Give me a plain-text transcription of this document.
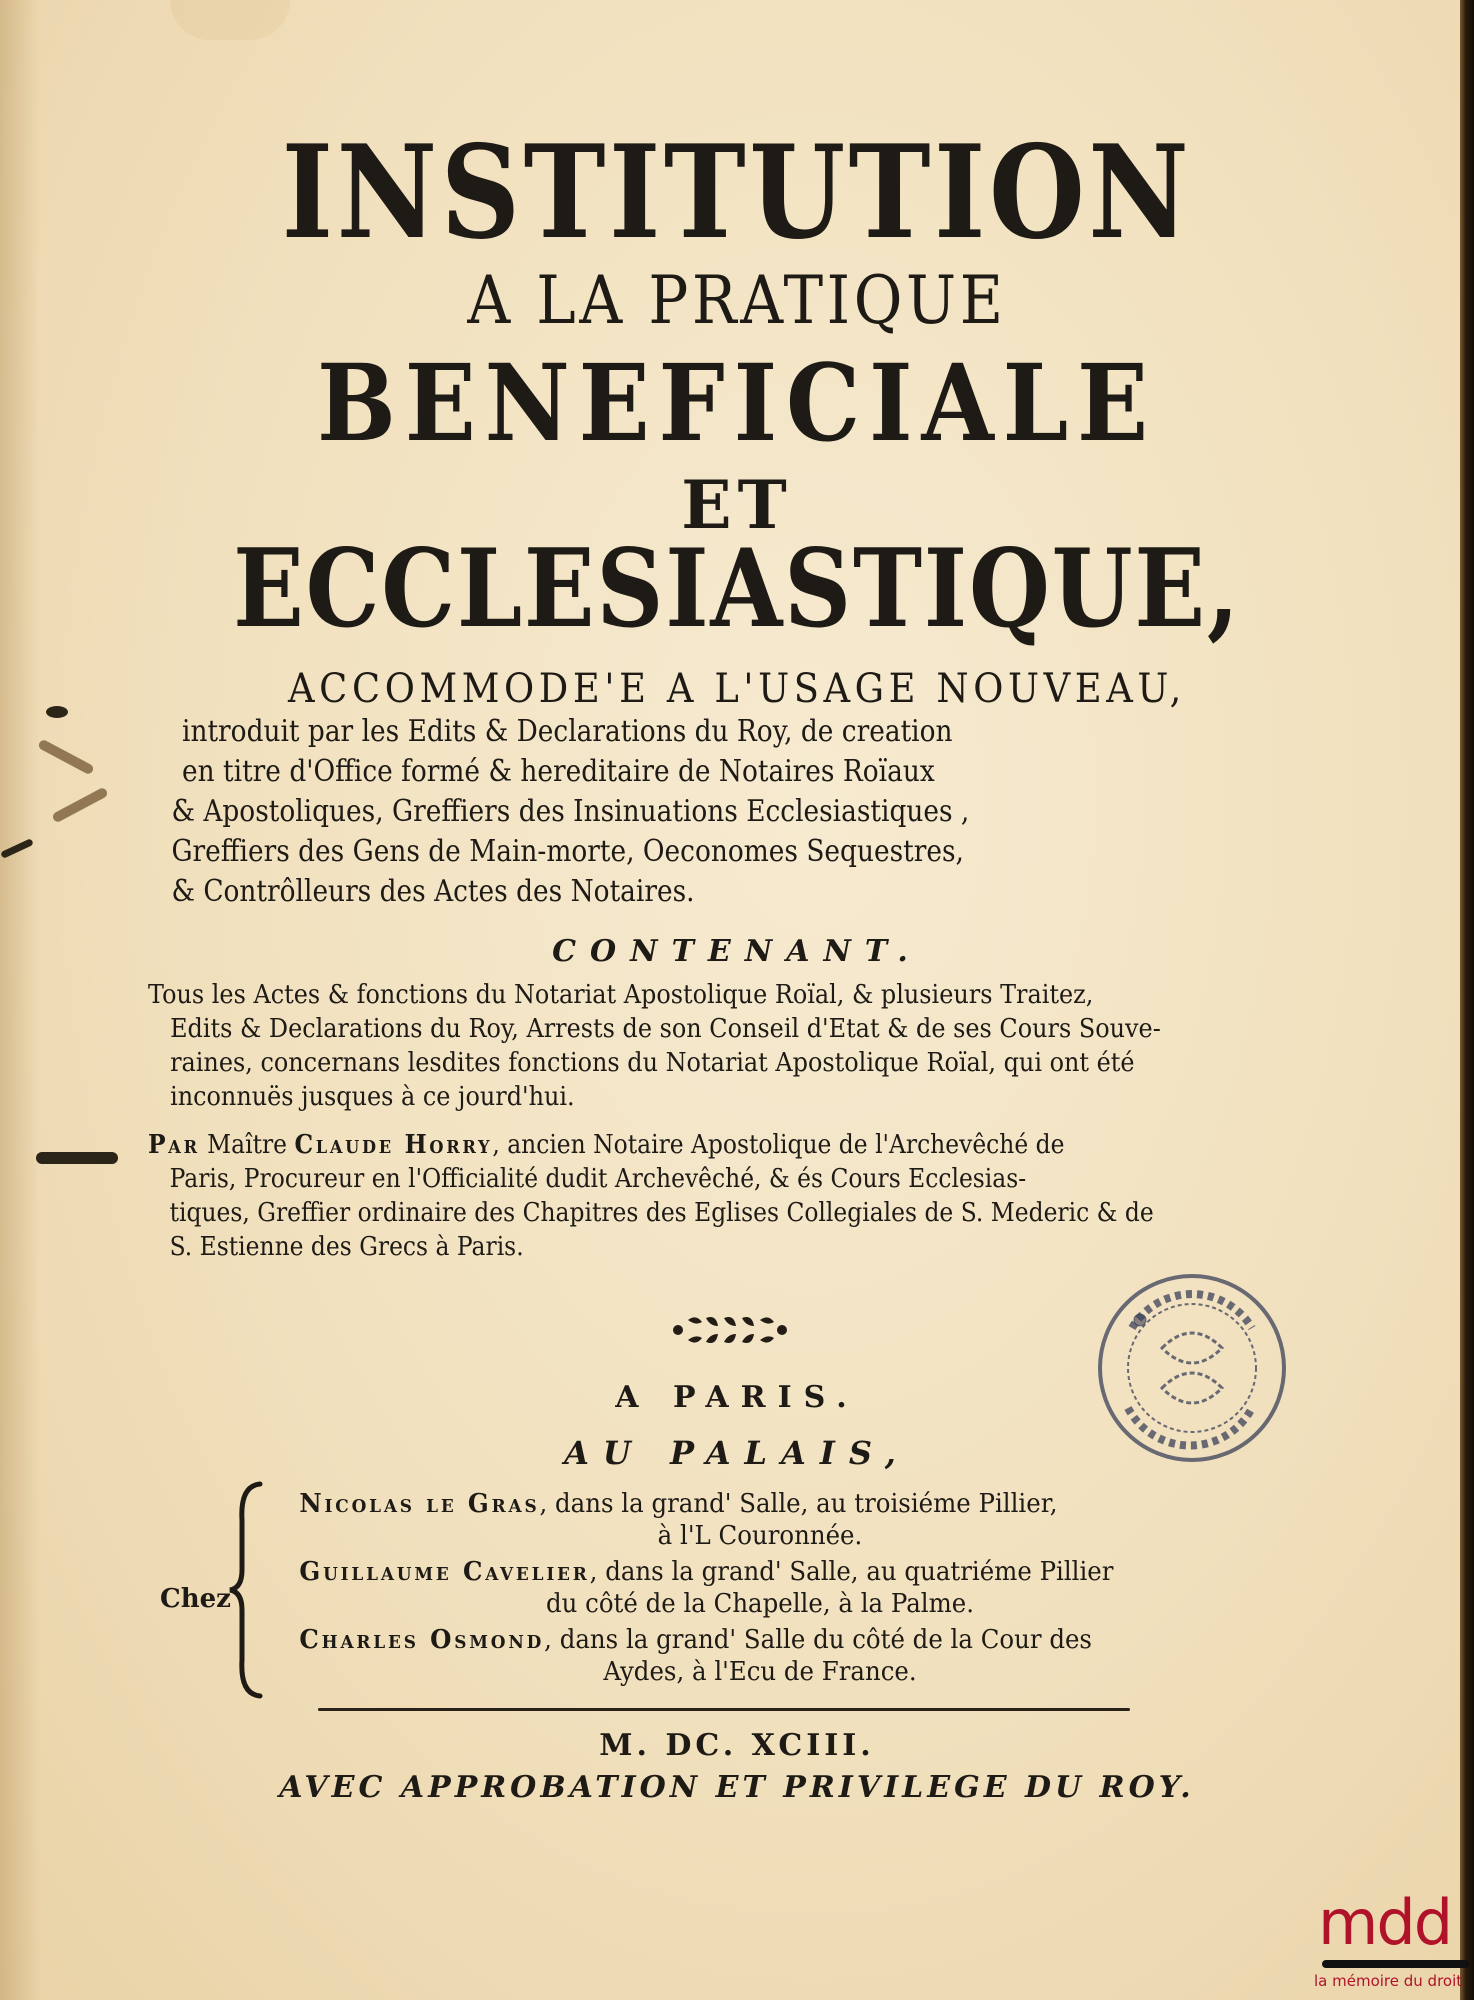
INSTITUTION
A LA PRATIQUE
BENEFICIALE
ET
ECCLESIASTIQUE,
ACCOMMODE'E A L'USAGE NOUVEAU,
introduit par les Edits & Declarations du Roy, de creation
en titre d'Office formé & hereditaire de Notaires Roïaux
& Apostoliques, Greffiers des Insinuations Ecclesiastiques ,
Greffiers des Gens de Main-morte, Oeconomes Sequestres,
& Contrôlleurs des Actes des Notaires.
CONTENANT.
Tous les Actes & fonctions du Notariat Apostolique Roïal, & plusieurs Traitez,
Edits & Declarations du Roy, Arrests de son Conseil d'Etat & de ses Cours Souve-
raines, concernans lesdites fonctions du Notariat Apostolique Roïal, qui ont été
inconnuës jusques à ce jourd'hui.
Par Maître Claude Horry, ancien Notaire Apostolique de l'Archevêché de
Paris, Procureur en l'Officialité dudit Archevêché, & és Cours Ecclesias-
tiques, Greffier ordinaire des Chapitres des Eglises Collegiales de S. Mederic & de
S. Estienne des Grecs à Paris.
A PARIS.
AU PALAIS,
Chez
Nicolas le Gras, dans la grand' Salle, au troisiéme Pillier,
à l'L Couronnée.
Guillaume Cavelier, dans la grand' Salle, au quatriéme Pillier
du côté de la Chapelle, à la Palme.
Charles Osmond, dans la grand' Salle du côté de la Cour des
Aydes, à l'Ecu de France.
M. DC. XCIII.
AVEC APPROBATION ET PRIVILEGE DU ROY.
mdd
la mémoire du droit
